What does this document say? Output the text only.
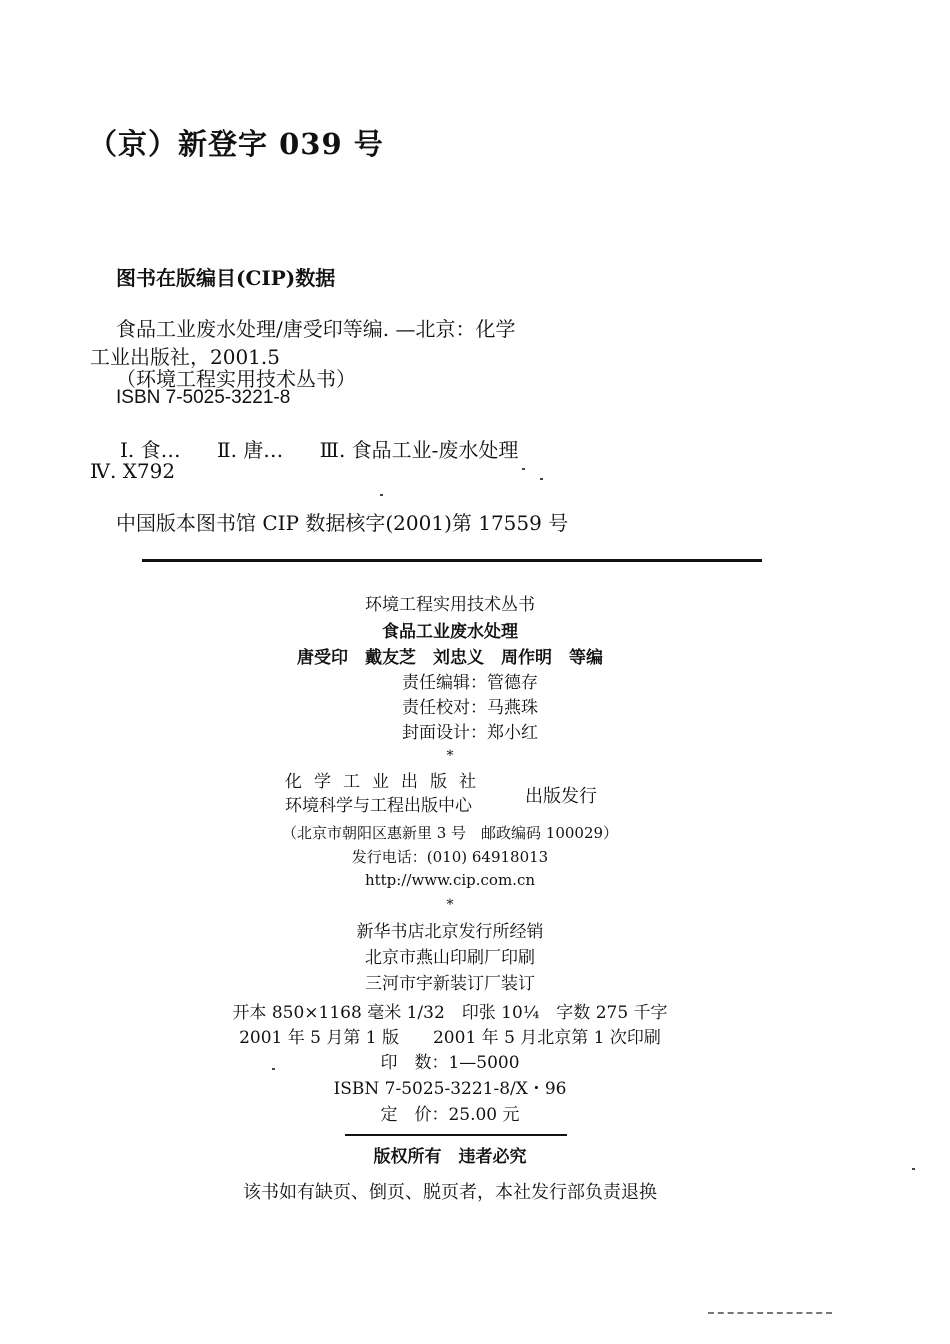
（京）新登字 039 号
图书在版编目(CIP)数据
食品工业废水处理/唐受印等编. —北京：化学
工业出版社，2001.5
（环境工程实用技术丛书）
ISBN 7-5025-3221-8
Ⅰ. 食… Ⅱ. 唐… Ⅲ. 食品工业-废水处理
Ⅳ. X792
中国版本图书馆 CIP 数据核字(2001)第 17559 号
环境工程实用技术丛书
食品工业废水处理
唐受印　戴友芝　刘忠义　周作明　等编
责任编辑：管德存
责任校对：马燕珠
封面设计：郑小红
*
化学工业出版社
环境科学与工程出版中心	出版发行
（北京市朝阳区惠新里 3 号　邮政编码 100029）
发行电话：(010) 64918013
http://www.cip.com.cn
*
新华书店北京发行所经销
北京市燕山印刷厂印刷
三河市宇新装订厂装订
开本 850×1168 毫米 1/32　印张 10¼　字数 275 千字
2001 年 5 月第 1 版　　2001 年 5 月北京第 1 次印刷
印　数：1—5000
ISBN 7-5025-3221-8/X・96
定　价：25.00 元
版权所有　违者必究
该书如有缺页、倒页、脱页者，本社发行部负责退换
